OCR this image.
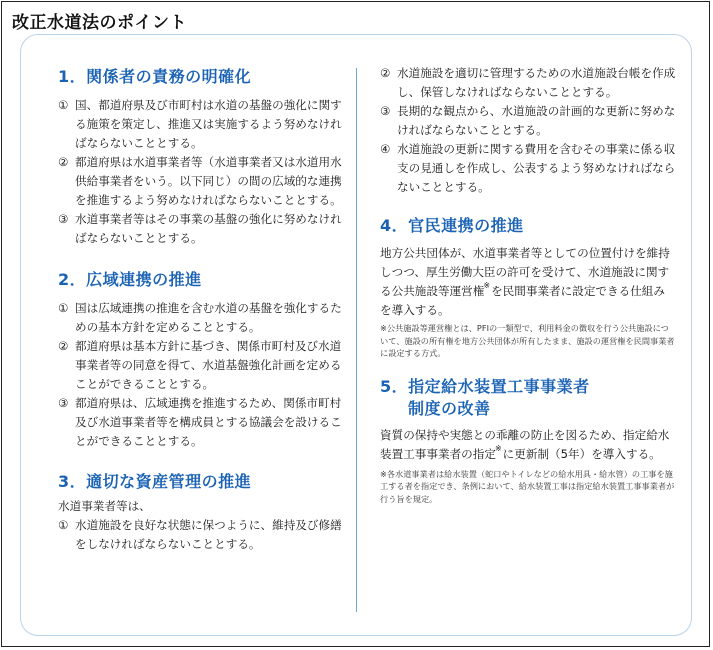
改正水道法のポイント
1．関係者の責務の明確化
① 国、都道府県及び市町村は水道の基盤の強化に関する施策を策定し、推進又は実施するよう努めなければならないこととする。
② 都道府県は水道事業者等（水道事業者又は水道用水供給事業者をいう。以下同じ）の間の広域的な連携を推進するよう努めなければならないこととする。
③ 水道事業者等はその事業の基盤の強化に努めなければならないこととする。
2．広域連携の推進
① 国は広域連携の推進を含む水道の基盤を強化するための基本方針を定めることとする。
② 都道府県は基本方針に基づき、関係市町村及び水道事業者等の同意を得て、水道基盤強化計画を定めることができることとする。
③ 都道府県は、広域連携を推進するため、関係市町村及び水道事業者等を構成員とする協議会を設けることができることとする。
3．適切な資産管理の推進

水道事業者等は、

① 水道施設を良好な状態に保つように、維持及び修繕をしなければならないこととする。
② 水道施設を適切に管理するための水道施設台帳を作成し、保管しなければならないこととする。
③ 長期的な観点から、水道施設の計画的な更新に努めなければならないこととする。
④ 水道施設の更新に関する費用を含むその事業に係る収支の見通しを作成し、公表するよう努めなければならないこととする。
4．官民連携の推進

地方公共団体が、水道事業者等としての位置付けを維持しつつ、厚生労働大臣の許可を受けて、水道施設に関する公共施設等運営権※を民間事業者に設定できる仕組みを導入する。

※公共施設等運営権とは、PFIの一類型で、利用料金の徴収を行う公共施設について、施設の所有権を地方公共団体が所有したまま、施設の運営権を民間事業者に設定する方式。

5．指定給水装置工事事業者
制度の改善

資質の保持や実態との乖離の防止を図るため、指定給水装置工事事業者の指定※に更新制（5年）を導入する。

※各水道事業者は給水装置（蛇口やトイレなどの給水用具・給水管）の工事を施工する者を指定でき、条例において、給水装置工事は指定給水装置工事事業者が行う旨を規定。
